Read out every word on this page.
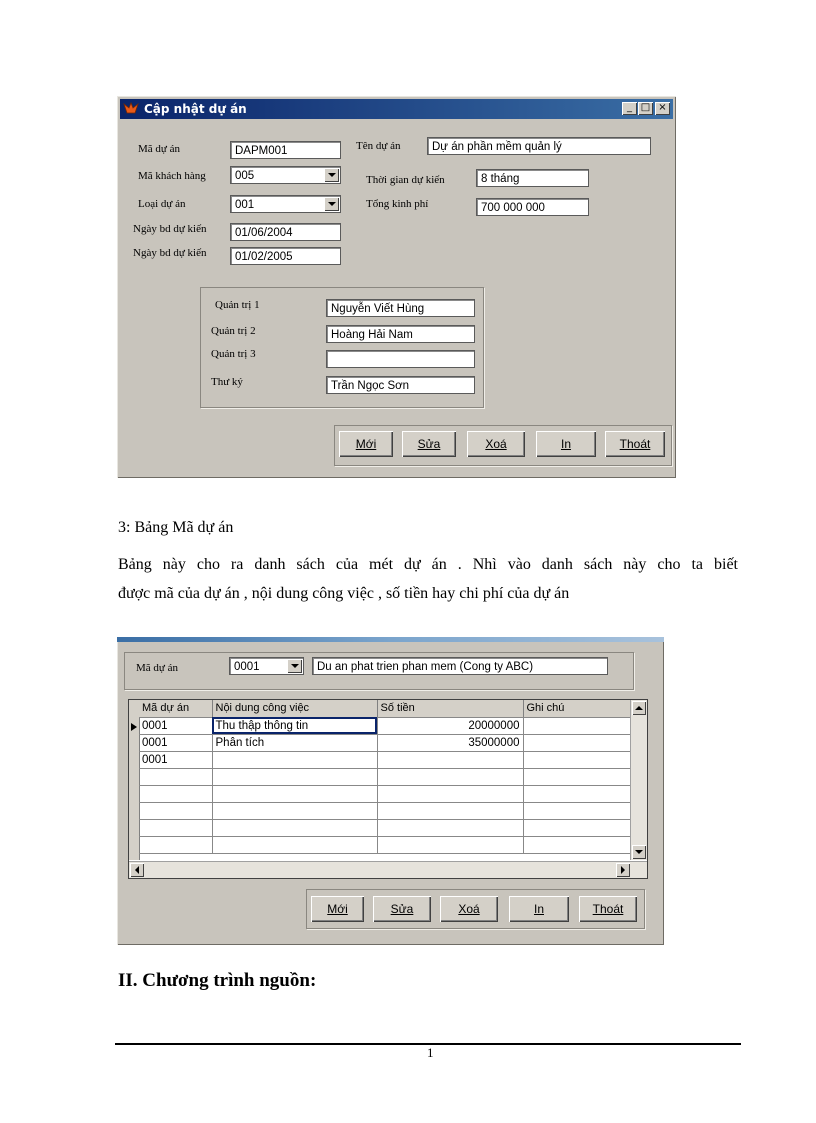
Cập nhật dự án	_ □ ×
Mã dự án	DAPM001	Tên dự án	Dự án phần mềm quản lý
Mã khách hàng	005	Thời gian dự kiến	8 tháng
Loại dự án	001	Tổng kinh phí	700 000 000
Ngày bd dự kiến	01/06/2004
Ngày bd dự kiến	01/02/2005
Quản trị 1	Nguyễn Viết Hùng
Quản trị 2	Hoàng Hải Nam
Quản trị 3
Thư ký	Trần Ngọc Sơn
Mới	Sửa	Xoá	In	Thoát
3: Bảng Mã dự án
Bảng này cho ra danh sách của mét dự án . Nhì vào danh sách này cho ta biết
được mã của dự án , nội dung công việc , số tiền hay chi phí của dự án
Mã dự án	0001	Du an phat trien phan mem (Cong ty ABC)
Mã dự án	Nội dung công việc	Số tiền	Ghi chú
0001	Thu thập thông tin	20000000	
0001	Phân tích	35000000	
0001			

Mới	Sửa	Xoá	In	Thoát
II. Chương trình nguồn:
1
